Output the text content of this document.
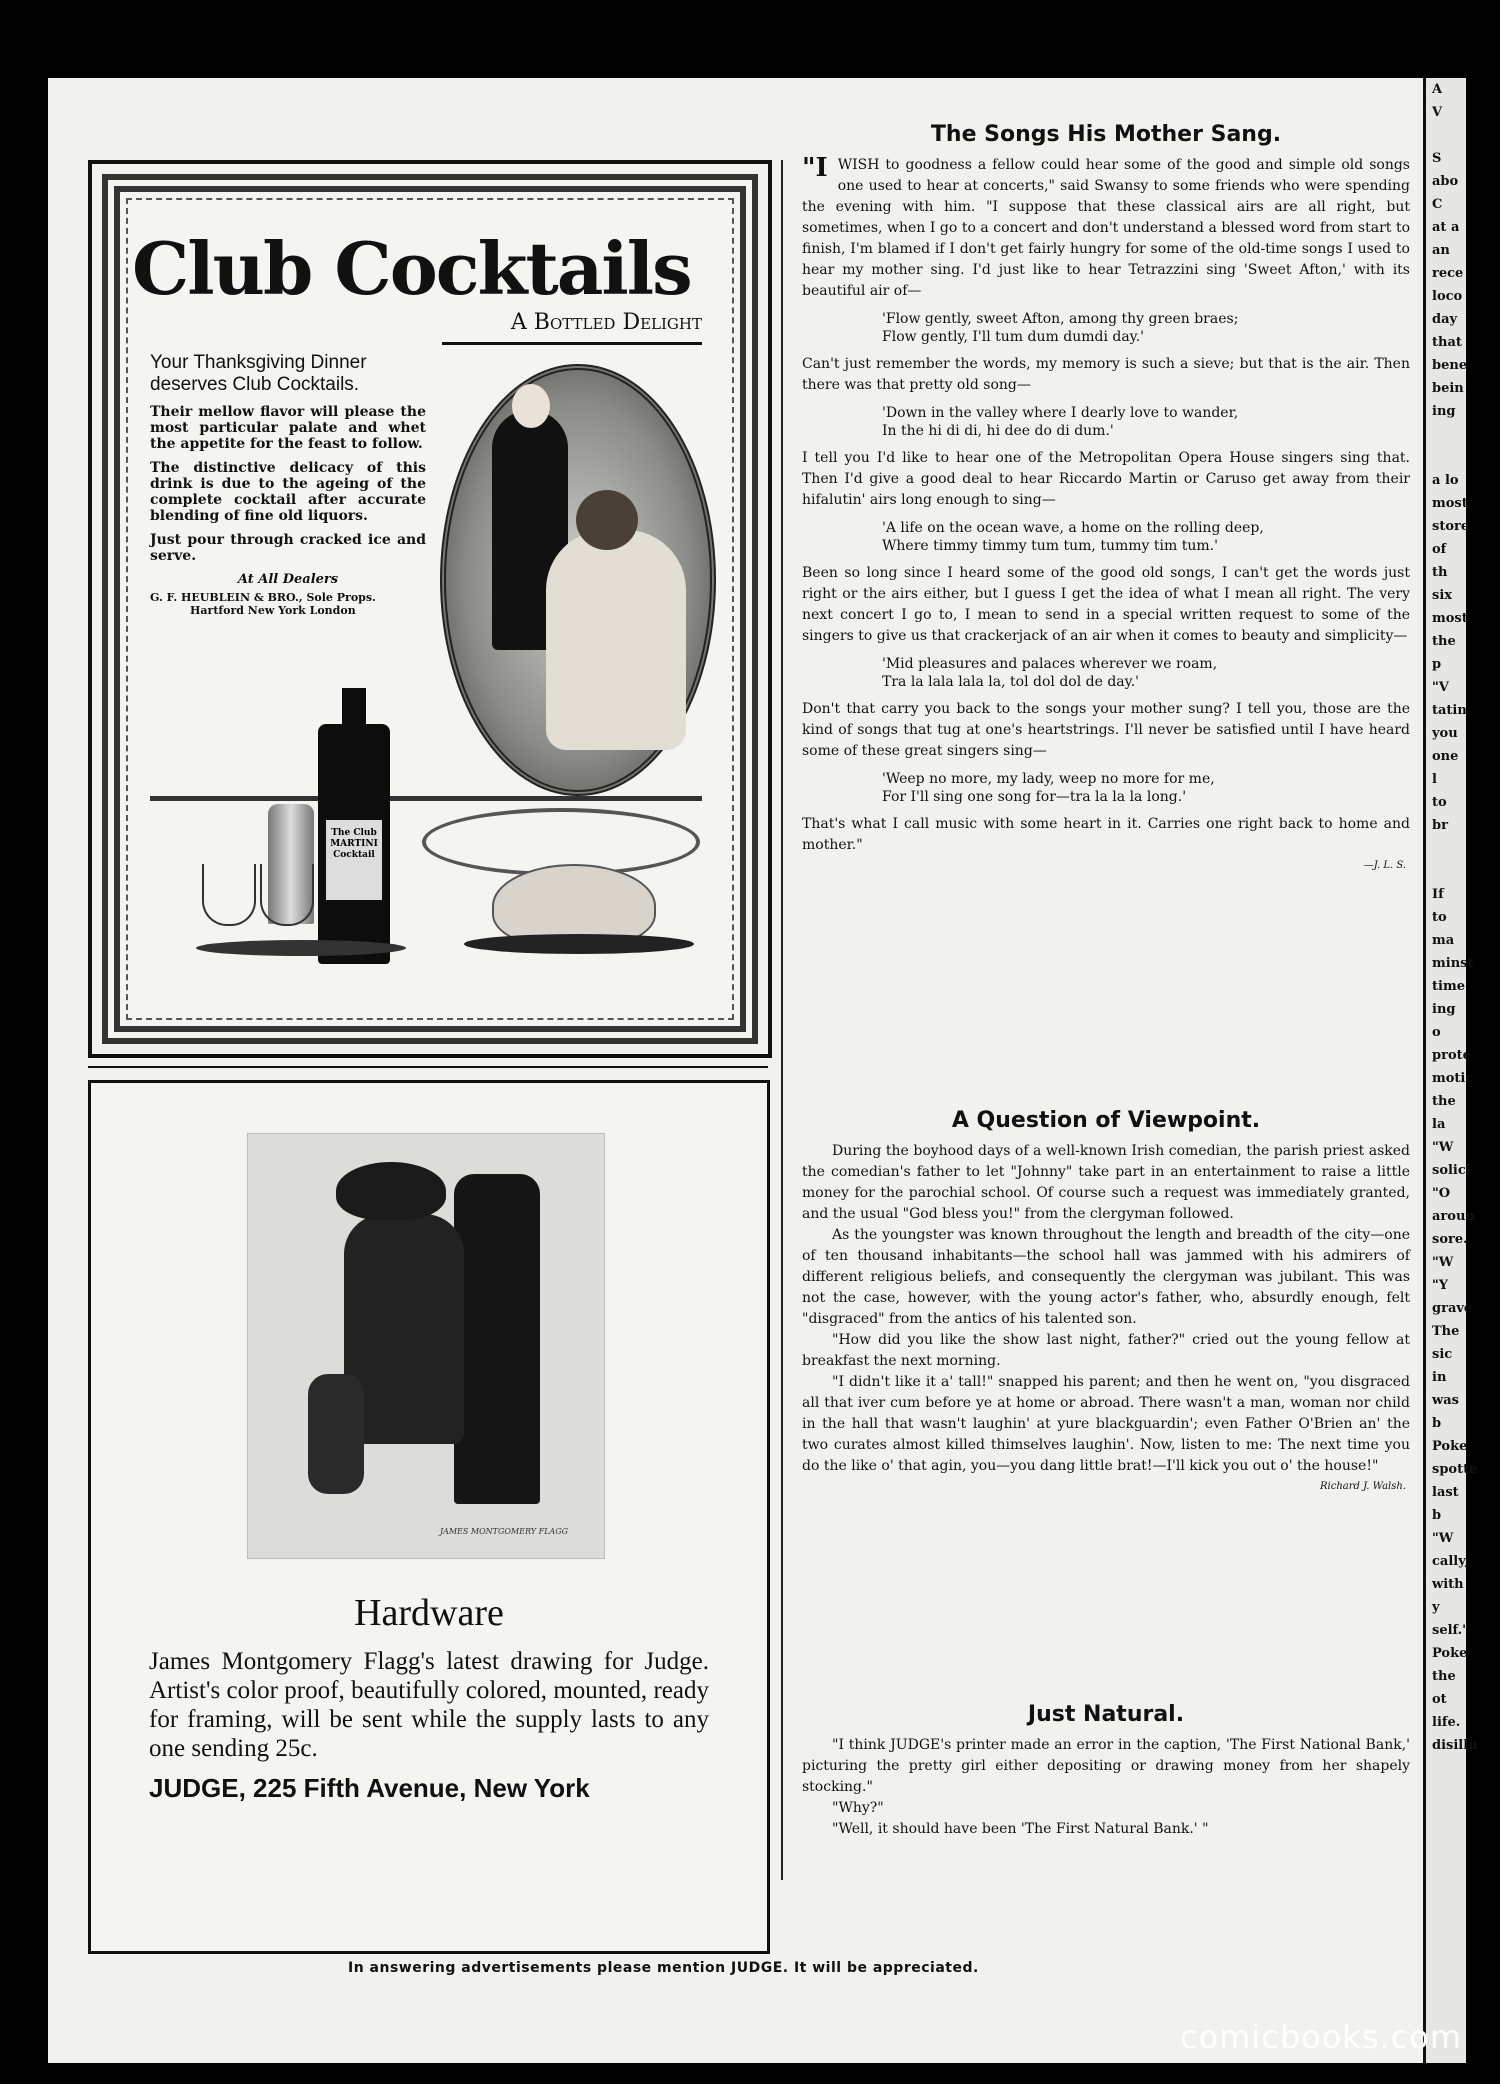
Club Cocktails
A Bottled Delight

Your Thanksgiving Dinner deserves Club Cocktails.

Their mellow flavor will please the most particular palate and whet the appetite for the feast to follow.

The distinctive delicacy of this drink is due to the ageing of the complete cocktail after accurate blending of fine old liquors.

Just pour through cracked ice and serve.

At All Dealers
G. F. HEUBLEIN & BRO., Sole Props.
Hartford New York London
The Club MARTINI Cocktail
JAMES MONTGOMERY FLAGG
Hardware
James Montgomery Flagg's latest drawing for Judge. Artist's color proof, beautifully colored, mounted, ready for framing, will be sent while the supply lasts to any one sending 25c.
JUDGE, 225 Fifth Avenue, New York
The Songs His Mother Sang.

"IWISH to goodness a fellow could hear some of the good and simple old songs one used to hear at concerts," said Swansy to some friends who were spending the evening with him. "I suppose that these classical airs are all right, but sometimes, when I go to a concert and don't understand a blessed word from start to finish, I'm blamed if I don't get fairly hungry for some of the old-time songs I used to hear my mother sing. I'd just like to hear Tetrazzini sing 'Sweet Afton,' with its beautiful air of—

'Flow gently, sweet Afton, among thy green braes;
Flow gently, I'll tum dum dumdi day.'

Can't just remember the words, my memory is such a sieve; but that is the air. Then there was that pretty old song—

'Down in the valley where I dearly love to wander,
In the hi di di, hi dee do di dum.'

I tell you I'd like to hear one of the Metropolitan Opera House singers sing that. Then I'd give a good deal to hear Riccardo Martin or Caruso get away from their hifalutin' airs long enough to sing—

'A life on the ocean wave, a home on the rolling deep,
Where timmy timmy tum tum, tummy tim tum.'

Been so long since I heard some of the good old songs, I can't get the words just right or the airs either, but I guess I get the idea of what I mean all right. The very next concert I go to, I mean to send in a special written request to some of the singers to give us that crackerjack of an air when it comes to beauty and simplicity—

'Mid pleasures and palaces wherever we roam,
Tra la lala lala la, tol dol dol de day.'

Don't that carry you back to the songs your mother sung? I tell you, those are the kind of songs that tug at one's heartstrings. I'll never be satisfied until I have heard some of these great singers sing—

'Weep no more, my lady, weep no more for me,
For I'll sing one song for—tra la la la long.'

That's what I call music with some heart in it. Carries one right back to home and mother."

—J. L. S.
A Question of Viewpoint.

During the boyhood days of a well-known Irish comedian, the parish priest asked the comedian's father to let "Johnny" take part in an entertainment to raise a little money for the parochial school. Of course such a request was immediately granted, and the usual "God bless you!" from the clergyman followed.

As the youngster was known throughout the length and breadth of the city—one of ten thousand inhabitants—the school hall was jammed with his admirers of different religious beliefs, and consequently the clergyman was jubilant. This was not the case, however, with the young actor's father, who, absurdly enough, felt "disgraced" from the antics of his talented son.

"How did you like the show last night, father?" cried out the young fellow at breakfast the next morning.

"I didn't like it a' tall!" snapped his parent; and then he went on, "you disgraced all that iver cum before ye at home or abroad. There wasn't a man, woman nor child in the hall that wasn't laughin' at yure blackguardin'; even Father O'Brien an' the two curates almost killed thimselves laughin'. Now, listen to me: The next time you do the like o' that agin, you—you dang little brat!—I'll kick you out o' the house!"

Richard J. Walsh.
Just Natural.

"I think JUDGE's printer made an error in the caption, 'The First National Bank,' picturing the pretty girl either depositing or drawing money from her shapely stocking."

"Why?"

"Well, it should have been 'The First Natural Bank.' "

In answering advertisements please mention JUDGE. It will be appreciated.
A
V

S
abo
C
at a
an
rece
loco
day
that
bene
bein
ing

a lo
most
store
of th
six
most
the p
"V
tatin
you
one l
to br

If
to ma
minst
time
ing o
prote
motic
the la
"W
solici
"O
aroun
sore.
"W
"Y
grave
The
sic in
was b
Poke
spotte
last b
"W
cally,
with y
self."
Poke
the ot
life.
disillu
comicbooks.com
